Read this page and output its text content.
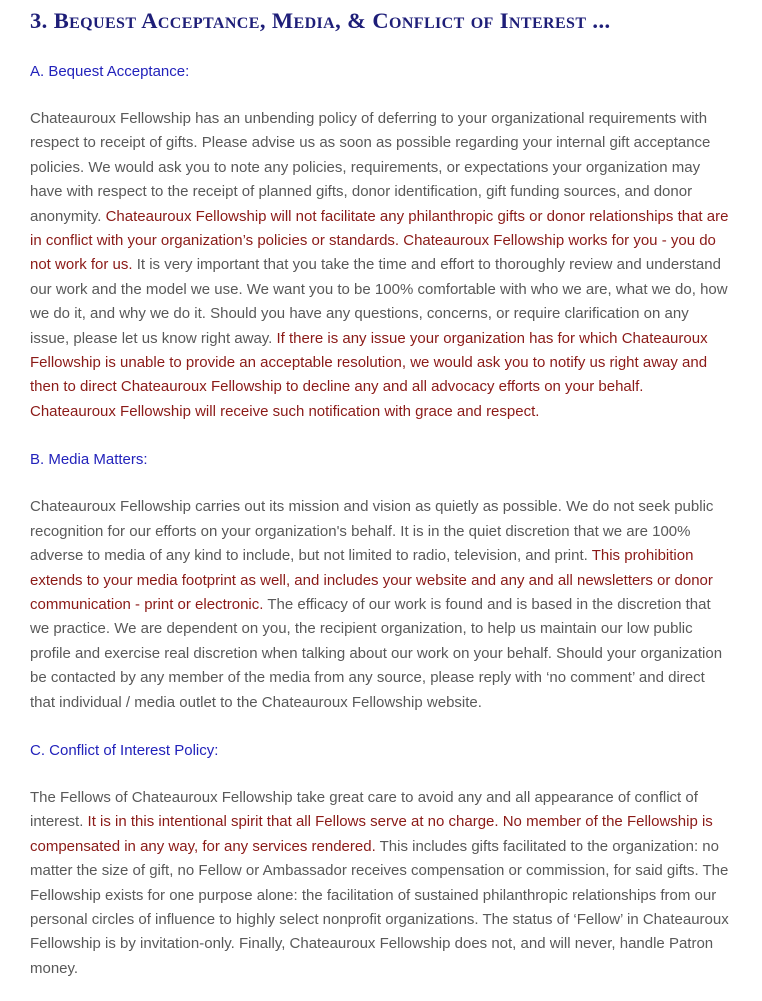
3. Bequest Acceptance, Media, & Conflict of Interest ...
A. Bequest Acceptance:

Chateauroux Fellowship has an unbending policy of deferring to your organizational requirements with respect to receipt of gifts. Please advise us as soon as possible regarding your internal gift acceptance policies. We would ask you to note any policies, requirements, or expectations your organization may have with respect to the receipt of planned gifts, donor identification, gift funding sources, and donor anonymity. Chateauroux Fellowship will not facilitate any philanthropic gifts or donor relationships that are in conflict with your organization’s policies or standards. Chateauroux Fellowship works for you - you do not work for us. It is very important that you take the time and effort to thoroughly review and understand our work and the model we use. We want you to be 100% comfortable with who we are, what we do, how we do it, and why we do it. Should you have any questions, concerns, or require clarification on any issue, please let us know right away. If there is any issue your organization has for which Chateauroux Fellowship is unable to provide an acceptable resolution, we would ask you to notify us right away and then to direct Chateauroux Fellowship to decline any and all advocacy efforts on your behalf. Chateauroux Fellowship will receive such notification with grace and respect.

B. Media Matters:

Chateauroux Fellowship carries out its mission and vision as quietly as possible. We do not seek public recognition for our efforts on your organization's behalf. It is in the quiet discretion that we are 100% adverse to media of any kind to include, but not limited to radio, television, and print. This prohibition extends to your media footprint as well, and includes your website and any and all newsletters or donor communication - print or electronic. The efficacy of our work is found and is based in the discretion that we practice. We are dependent on you, the recipient organization, to help us maintain our low public profile and exercise real discretion when talking about our work on your behalf. Should your organization be contacted by any member of the media from any source, please reply with ‘no comment’ and direct that individual / media outlet to the Chateauroux Fellowship website.

C. Conflict of Interest Policy:

The Fellows of Chateauroux Fellowship take great care to avoid any and all appearance of conflict of interest. It is in this intentional spirit that all Fellows serve at no charge. No member of the Fellowship is compensated in any way, for any services rendered. This includes gifts facilitated to the organization: no matter the size of gift, no Fellow or Ambassador receives compensation or commission, for said gifts. The Fellowship exists for one purpose alone: the facilitation of sustained philanthropic relationships from our personal circles of influence to highly select nonprofit organizations. The status of ‘Fellow’ in Chateauroux Fellowship is by invitation-only. Finally, Chateauroux Fellowship does not, and will never, handle Patron money.
